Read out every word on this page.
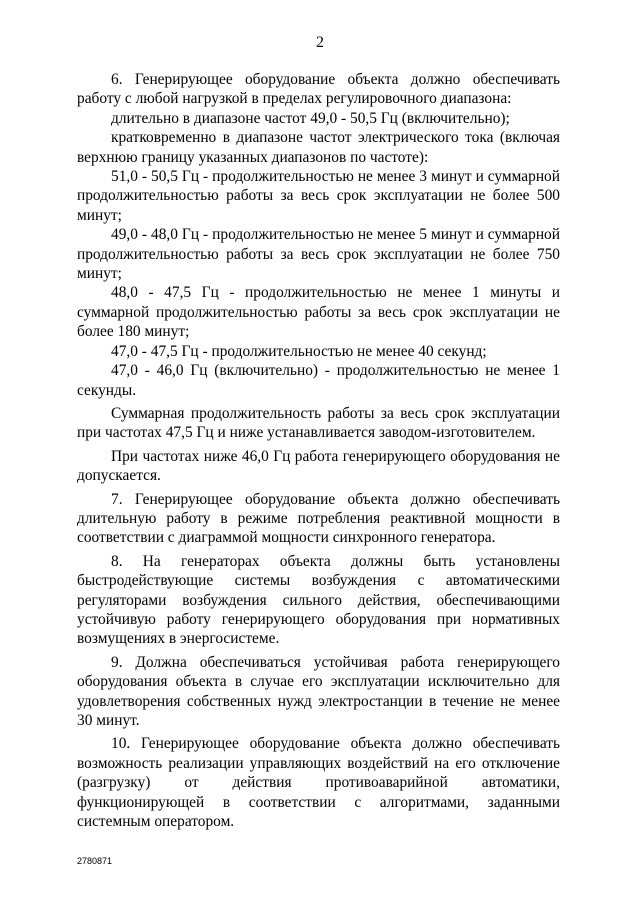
2

6. Генерирующее оборудование объекта должно обеспечивать работу с любой нагрузкой в пределах регулировочного диапазона:

длительно в диапазоне частот 49,0 - 50,5 Гц (включительно);

кратковременно в диапазоне частот электрического тока (включая верхнюю границу указанных диапазонов по частоте):

51,0 - 50,5 Гц - продолжительностью не менее 3 минут и суммарной продолжительностью работы за весь срок эксплуатации не более 500 минут;

49,0 - 48,0 Гц - продолжительностью не менее 5 минут и суммарной продолжительностью работы за весь срок эксплуатации не более 750 минут;

48,0 - 47,5 Гц - продолжительностью не менее 1 минуты и суммарной продолжительностью работы за весь срок эксплуатации не более 180 минут;

47,0 - 47,5 Гц - продолжительностью не менее 40 секунд;

47,0 - 46,0 Гц (включительно) - продолжительностью не менее 1 секунды.

Суммарная продолжительность работы за весь срок эксплуатации при частотах 47,5 Гц и ниже устанавливается заводом-изготовителем.

При частотах ниже 46,0 Гц работа генерирующего оборудования не допускается.

7. Генерирующее оборудование объекта должно обеспечивать длительную работу в режиме потребления реактивной мощности в соответствии с диаграммой мощности синхронного генератора.

8. На генераторах объекта должны быть установлены быстродействующие системы возбуждения с автоматическими регуляторами возбуждения сильного действия, обеспечивающими устойчивую работу генерирующего оборудования при нормативных возмущениях в энергосистеме.

9. Должна обеспечиваться устойчивая работа генерирующего оборудования объекта в случае его эксплуатации исключительно для удовлетворения собственных нужд электростанции в течение не менее 30 минут.

10. Генерирующее оборудование объекта должно обеспечивать возможность реализации управляющих воздействий на его отключение (разгрузку) от действия противоаварийной автоматики, функционирующей в соответствии с алгоритмами, заданными системным оператором.

2780871
